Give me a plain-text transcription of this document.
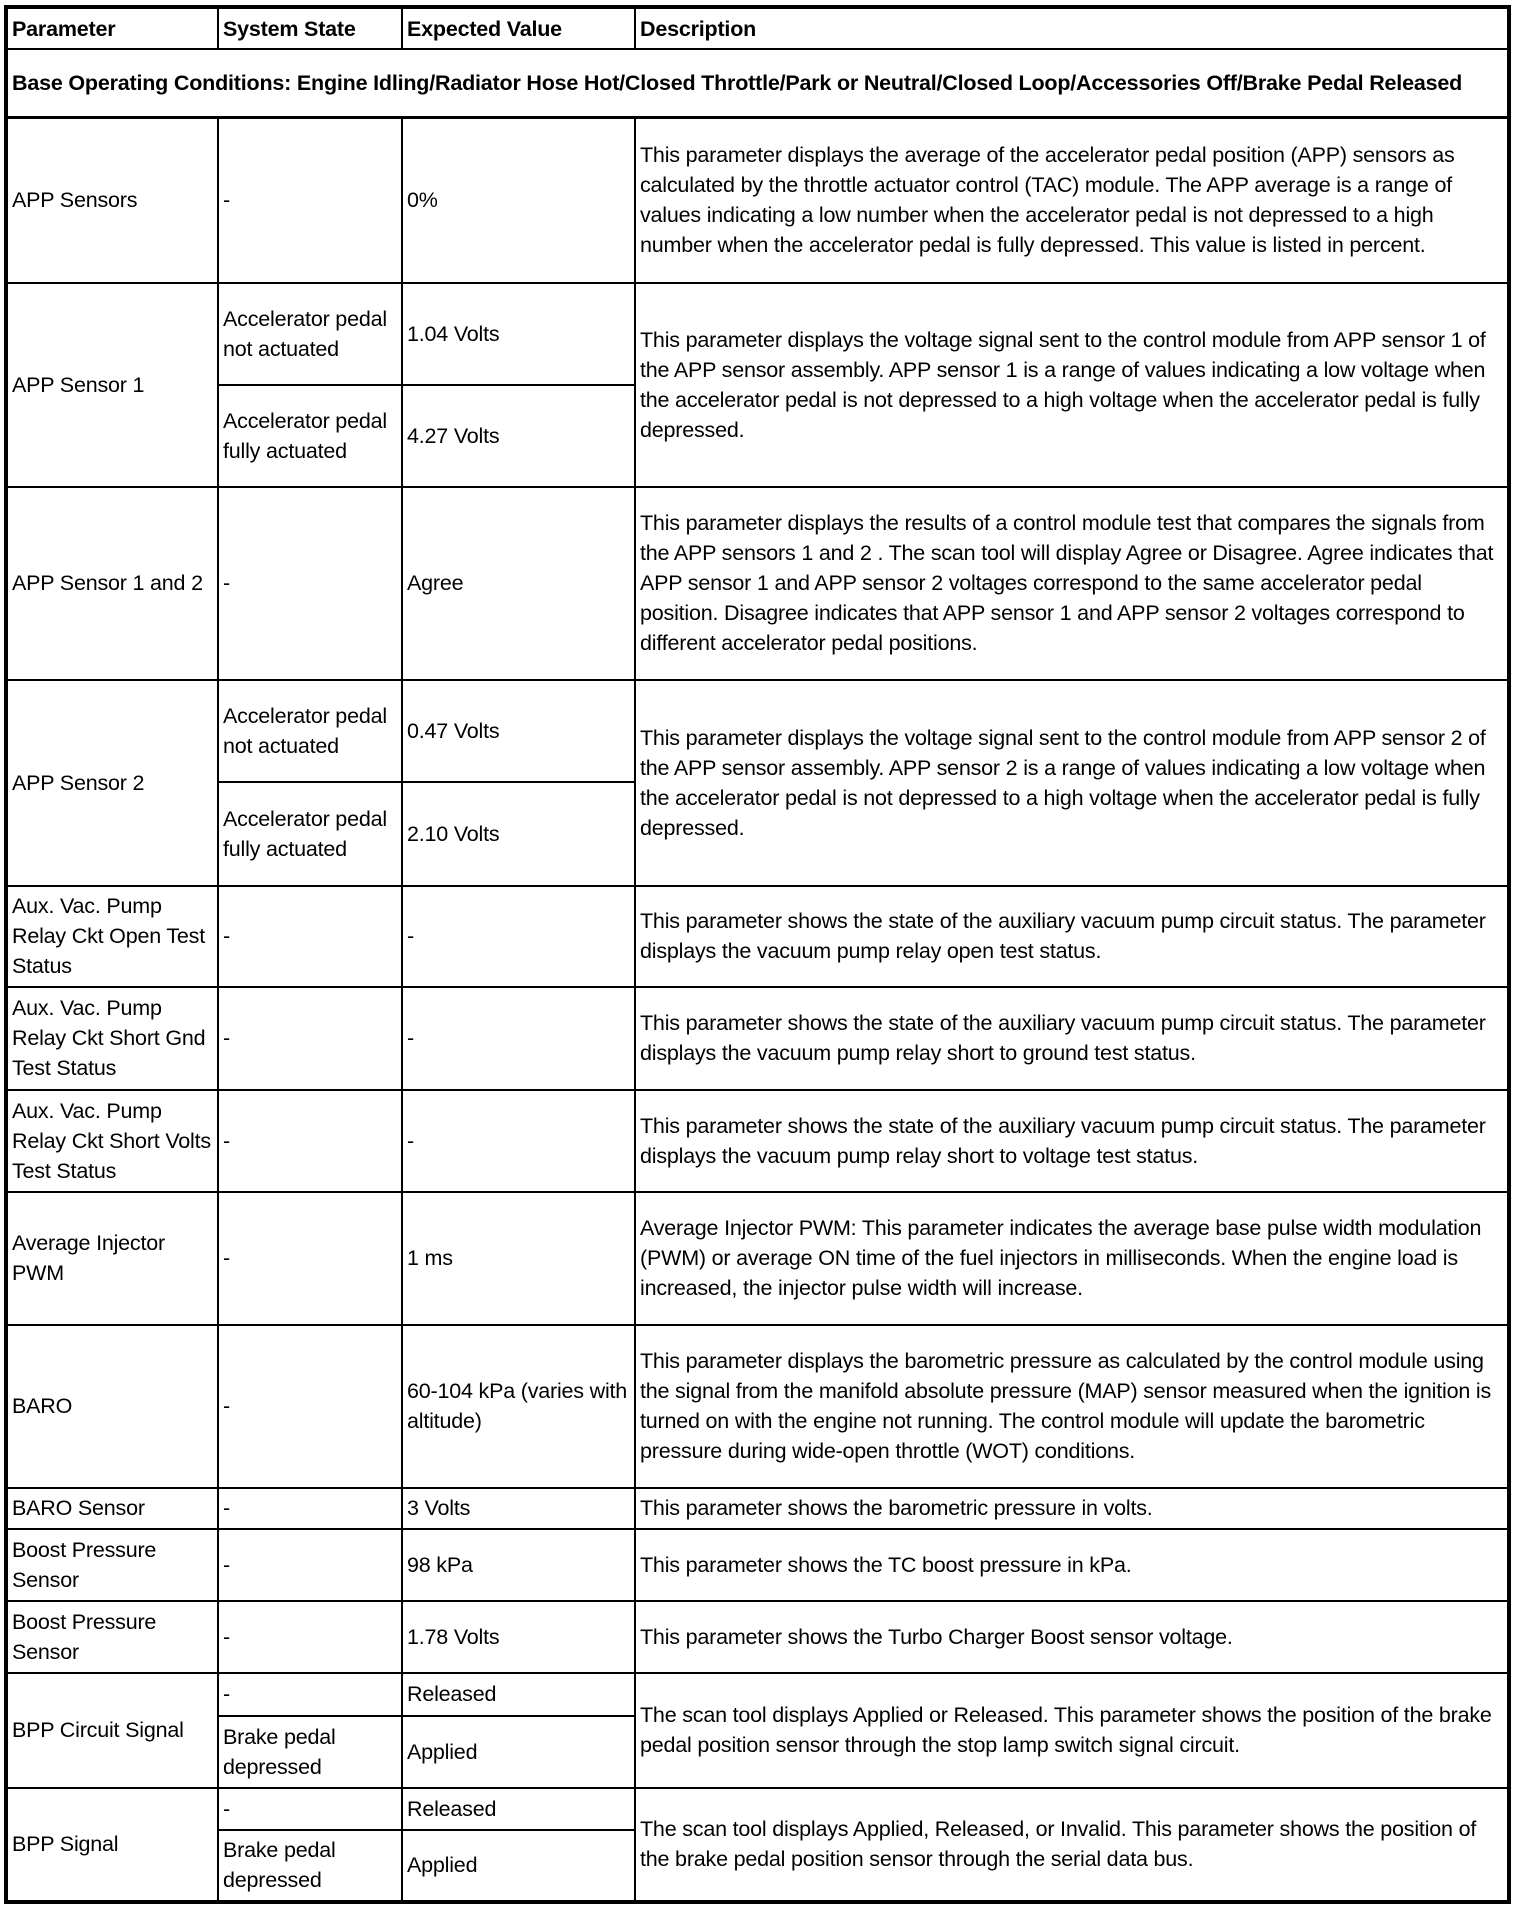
Parameter	System State	Expected Value	Description
Base Operating Conditions: Engine Idling/Radiator Hose Hot/Closed Throttle/Park or Neutral/Closed Loop/Accessories Off/Brake Pedal Released			
APP Sensors	-	0%	This parameter displays the average of the accelerator pedal position (APP) sensors as calculated by the throttle actuator control (TAC) module. The APP average is a range of values indicating a low number when the accelerator pedal is not depressed to a high number when the accelerator pedal is fully depressed. This value is listed in percent.
APP Sensor 1	Accelerator pedal not actuated	1.04 Volts	This parameter displays the voltage signal sent to the control module from APP sensor 1 of the APP sensor assembly. APP sensor 1 is a range of values indicating a low voltage when the accelerator pedal is not depressed to a high voltage when the accelerator pedal is fully depressed.
	Accelerator pedal fully actuated	4.27 Volts	
APP Sensor 1 and 2	-	Agree	This parameter displays the results of a control module test that compares the signals from the APP sensors 1 and 2 . The scan tool will display Agree or Disagree. Agree indicates that APP sensor 1 and APP sensor 2 voltages correspond to the same accelerator pedal position. Disagree indicates that APP sensor 1 and APP sensor 2 voltages correspond to different accelerator pedal positions.
APP Sensor 2	Accelerator pedal not actuated	0.47 Volts	This parameter displays the voltage signal sent to the control module from APP sensor 2 of the APP sensor assembly. APP sensor 2 is a range of values indicating a low voltage when the accelerator pedal is not depressed to a high voltage when the accelerator pedal is fully depressed.
	Accelerator pedal fully actuated	2.10 Volts	
Aux. Vac. Pump Relay Ckt Open Test Status	-	-	This parameter shows the state of the auxiliary vacuum pump circuit status. The parameter displays the vacuum pump relay open test status.
Aux. Vac. Pump Relay Ckt Short Gnd Test Status	-	-	This parameter shows the state of the auxiliary vacuum pump circuit status. The parameter displays the vacuum pump relay short to ground test status.
Aux. Vac. Pump Relay Ckt Short Volts Test Status	-	-	This parameter shows the state of the auxiliary vacuum pump circuit status. The parameter displays the vacuum pump relay short to voltage test status.
Average Injector PWM	-	1 ms	Average Injector PWM: This parameter indicates the average base pulse width modulation (PWM) or average ON time of the fuel injectors in milliseconds. When the engine load is increased, the injector pulse width will increase.
BARO	-	60-104 kPa (varies with altitude)	This parameter displays the barometric pressure as calculated by the control module using the signal from the manifold absolute pressure (MAP) sensor measured when the ignition is turned on with the engine not running. The control module will update the barometric pressure during wide-open throttle (WOT) conditions.
BARO Sensor	-	3 Volts	This parameter shows the barometric pressure in volts.
Boost Pressure Sensor	-	98 kPa	This parameter shows the TC boost pressure in kPa.
Boost Pressure Sensor	-	1.78 Volts	This parameter shows the Turbo Charger Boost sensor voltage.
BPP Circuit Signal	-	Released	The scan tool displays Applied or Released. This parameter shows the position of the brake pedal position sensor through the stop lamp switch signal circuit.
	Brake pedal depressed	Applied	
BPP Signal	-	Released	The scan tool displays Applied, Released, or Invalid. This parameter shows the position of the brake pedal position sensor through the serial data bus.
	Brake pedal depressed	Applied	
